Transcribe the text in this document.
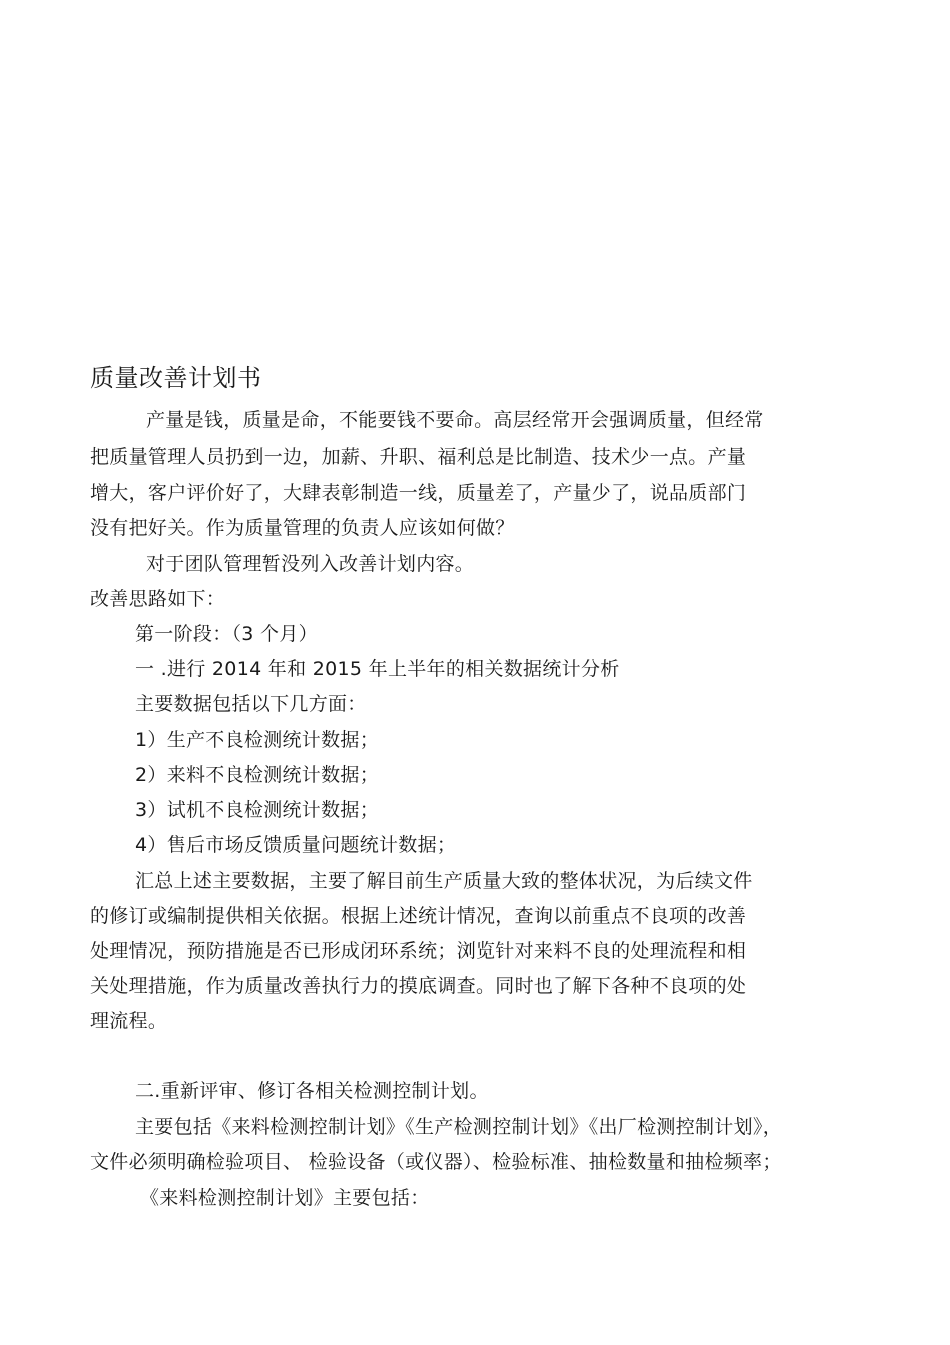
质量改善计划书
产量是钱，质量是命，不能要钱不要命。高层经常开会强调质量，但经常
把质量管理人员扔到一边，加薪、升职、福利总是比制造、技术少一点。产量
增大，客户评价好了，大肆表彰制造一线，质量差了，产量少了，说品质部门
没有把好关。作为质量管理的负责人应该如何做？
对于团队管理暂没列入改善计划内容。
改善思路如下：
第一阶段：（3 个月）
一 .进行 2014 年和 2015 年上半年的相关数据统计分析
主要数据包括以下几方面：
1）生产不良检测统计数据；
2）来料不良检测统计数据；
3）试机不良检测统计数据；
4）售后市场反馈质量问题统计数据；
汇总上述主要数据，主要了解目前生产质量大致的整体状况，为后续文件
的修订或编制提供相关依据。根据上述统计情况，查询以前重点不良项的改善
处理情况，预防措施是否已形成闭环系统；浏览针对来料不良的处理流程和相
关处理措施，作为质量改善执行力的摸底调查。同时也了解下各种不良项的处
理流程。
二.重新评审、修订各相关检测控制计划。
主要包括《来料检测控制计划》《生产检测控制计划》《出厂检测控制计划》，
文件必须明确检验项目、 检验设备（或仪器）、检验标准、抽检数量和抽检频率；
《来料检测控制计划》主要包括：
